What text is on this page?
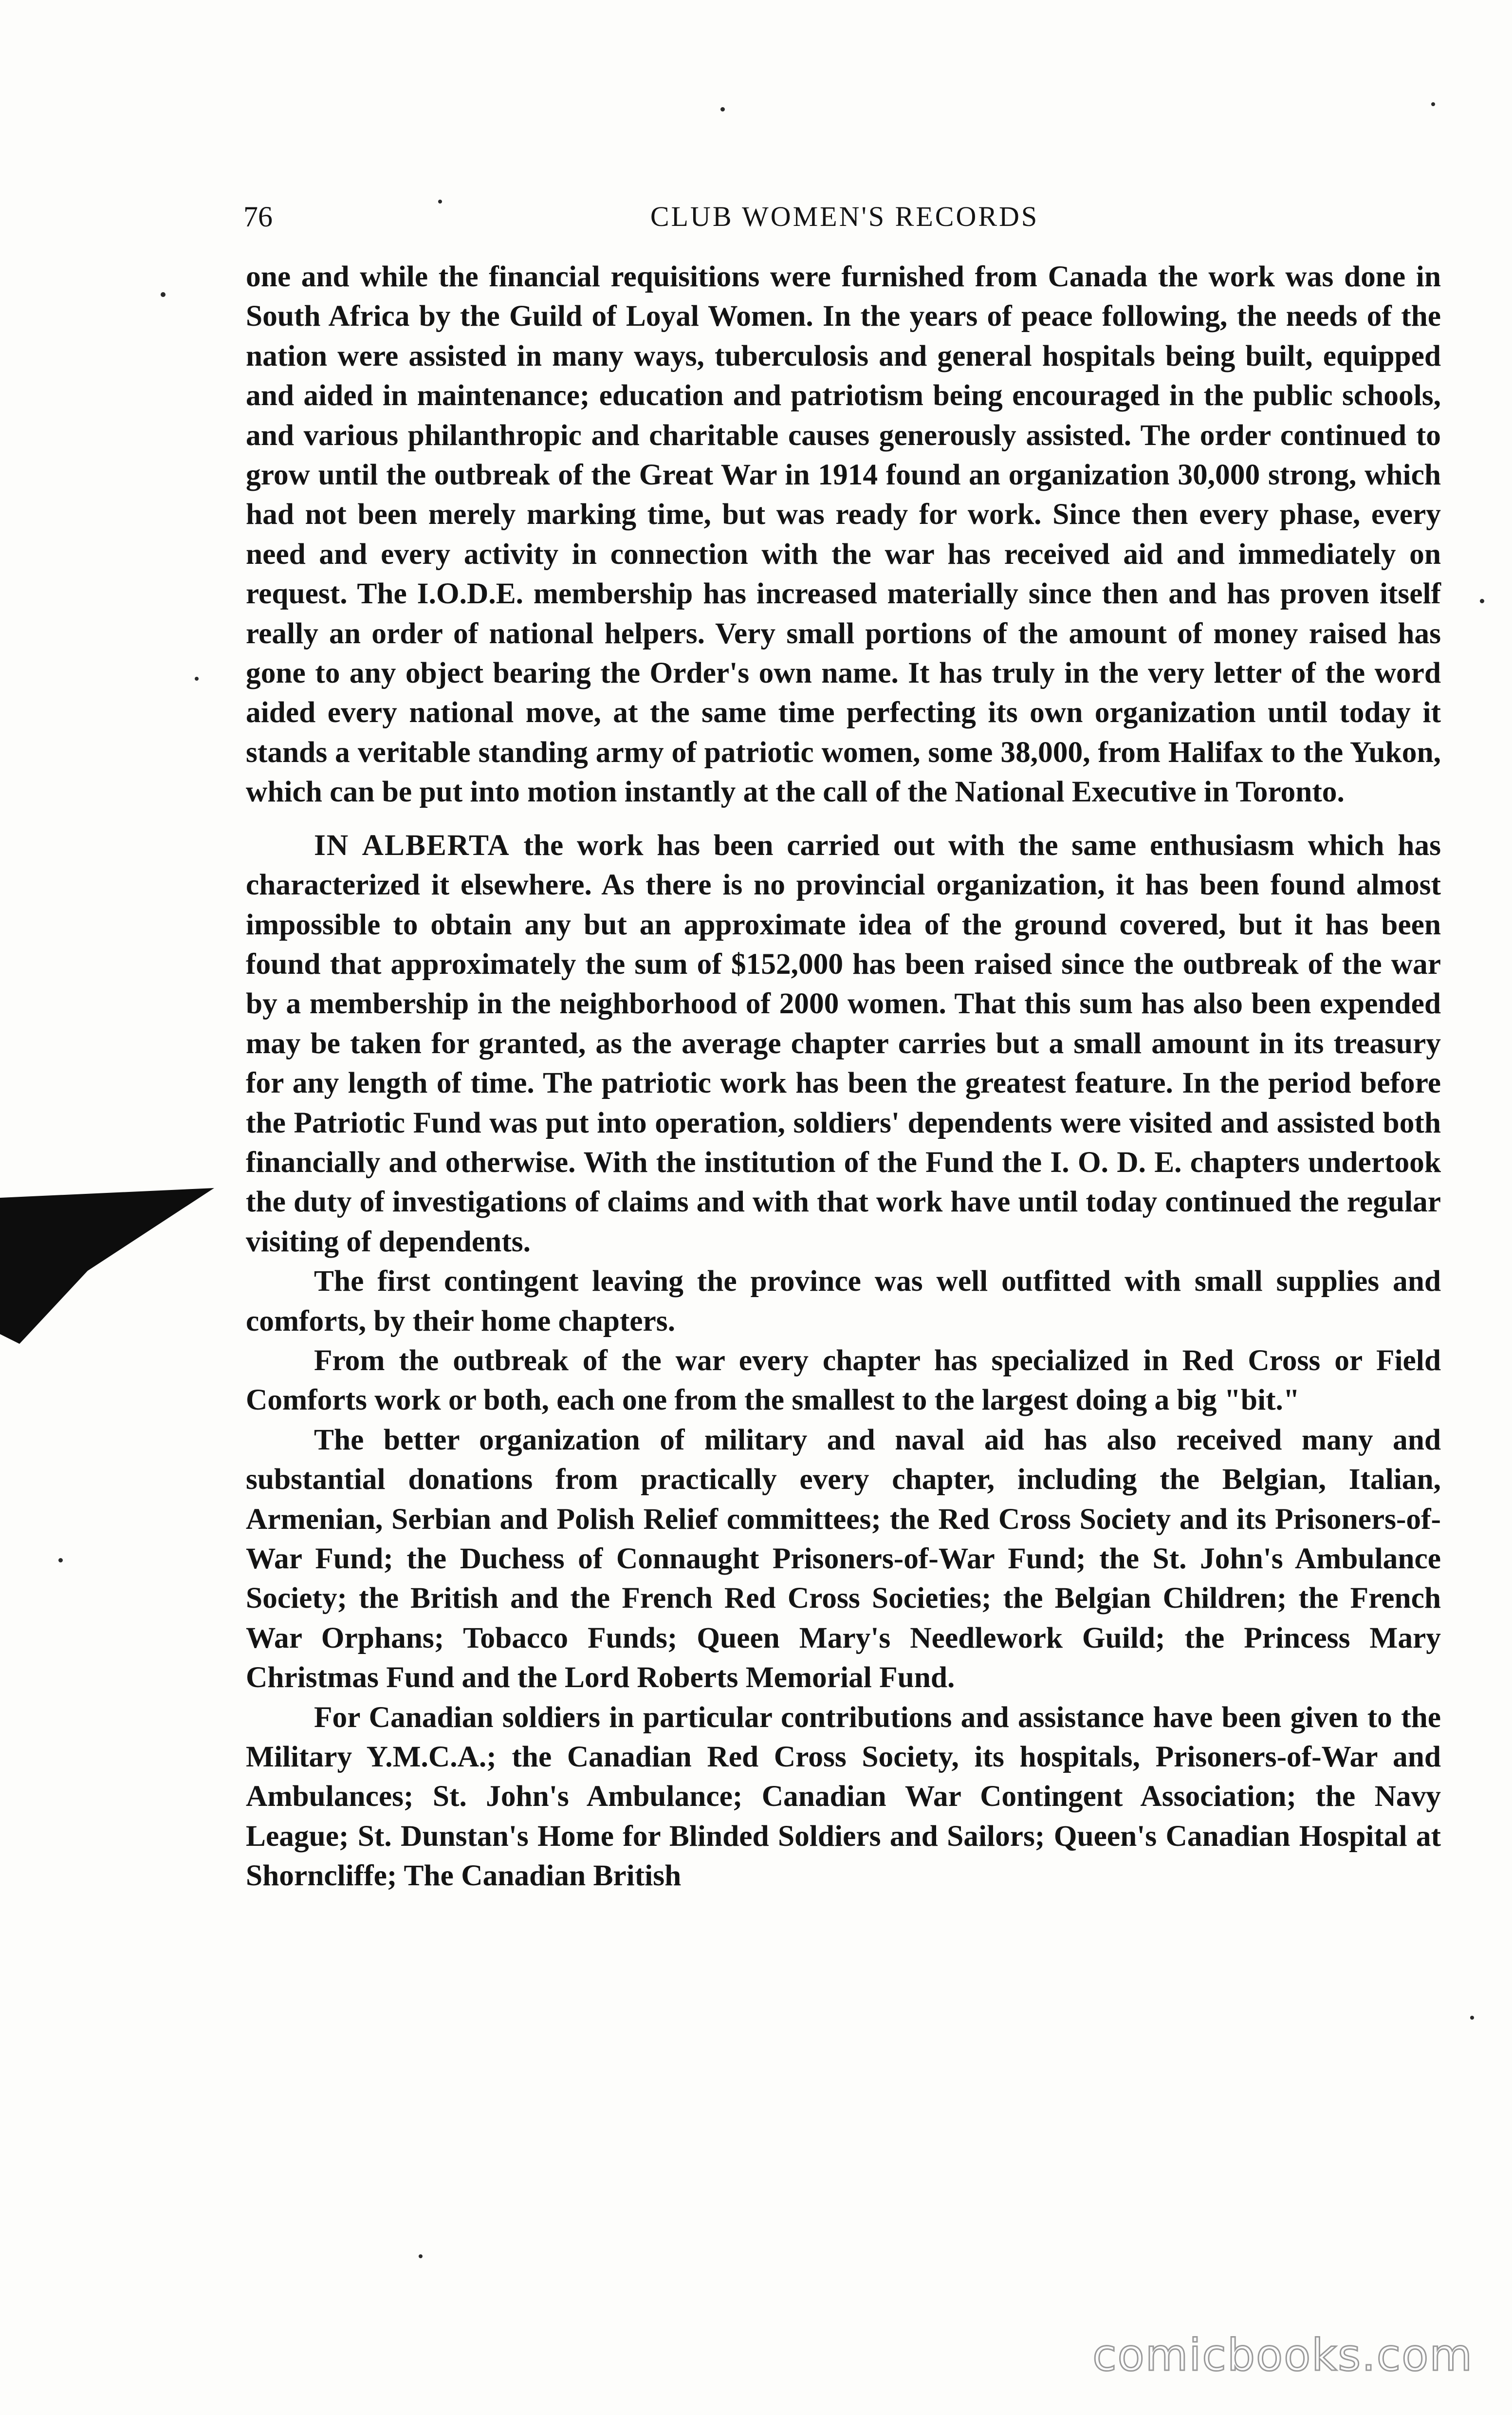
76	CLUB WOMEN'S RECORDS

one and while the financial requisitions were furnished from Canada the work was done in South Africa by the Guild of Loyal Women. In the years of peace following, the needs of the nation were assisted in many ways, tuberculosis and general hospitals being built, equipped and aided in maintenance; education and patriotism being encouraged in the public schools, and various philanthropic and charitable causes generously assisted. The order continued to grow until the outbreak of the Great War in 1914 found an organization 30,000 strong, which had not been merely marking time, but was ready for work. Since then every phase, every need and every activity in connection with the war has received aid and immediately on request. The I.O.D.E. membership has increased materially since then and has proven itself really an order of national helpers. Very small portions of the amount of money raised has gone to any object bearing the Order's own name. It has truly in the very letter of the word aided every national move, at the same time perfecting its own organization until today it stands a veritable standing army of patriotic women, some 38,000, from Halifax to the Yukon, which can be put into motion instantly at the call of the National Executive in Toronto.

IN ALBERTA the work has been carried out with the same enthusiasm which has characterized it elsewhere. As there is no provincial organization, it has been found almost impossible to obtain any but an approximate idea of the ground covered, but it has been found that approximately the sum of $152,000 has been raised since the outbreak of the war by a membership in the neighborhood of 2000 women. That this sum has also been expended may be taken for granted, as the average chapter carries but a small amount in its treasury for any length of time. The patriotic work has been the greatest feature. In the period before the Patriotic Fund was put into operation, soldiers' dependents were visited and assisted both financially and otherwise. With the institution of the Fund the I. O. D. E. chapters undertook the duty of investigations of claims and with that work have until today continued the regular visiting of dependents.

The first contingent leaving the province was well outfitted with small supplies and comforts, by their home chapters.

From the outbreak of the war every chapter has specialized in Red Cross or Field Comforts work or both, each one from the smallest to the largest doing a big "bit."

The better organization of military and naval aid has also received many and substantial donations from practically every chapter, including the Belgian, Italian, Armenian, Serbian and Polish Relief committees; the Red Cross Society and its Prisoners-of-War Fund; the Duchess of Connaught Prisoners-of-War Fund; the St. John's Ambulance Society; the British and the French Red Cross Societies; the Belgian Children; the French War Orphans; Tobacco Funds; Queen Mary's Needlework Guild; the Princess Mary Christmas Fund and the Lord Roberts Memorial Fund.

For Canadian soldiers in particular contributions and assistance have been given to the Military Y.M.C.A.; the Canadian Red Cross Society, its hospitals, Prisoners-of-War and Ambulances; St. John's Ambulance; Canadian War Contingent Association; the Navy League; St. Dunstan's Home for Blinded Soldiers and Sailors; Queen's Canadian Hospital at Shorncliffe; The Canadian British

comicbooks.com
